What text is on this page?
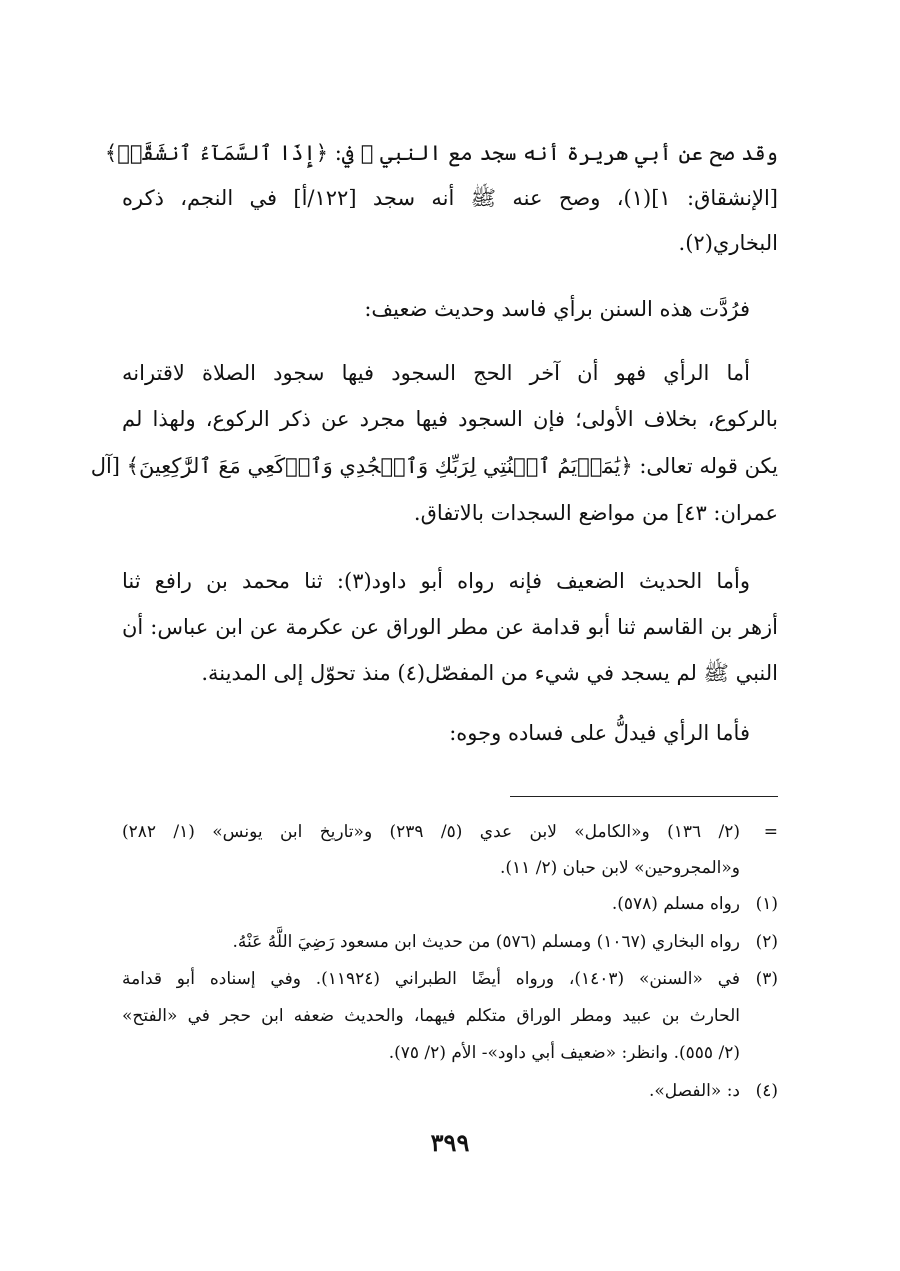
وقد صح عن أبي هريرة أنه سجد مع النبي ﷺ في: ﴿إِذَا ٱلسَّمَآءُ ٱنشَقَّتۡ﴾
[الإنشقاق: ١](١)، وصح عنه ﷺ أنه سجد [١٢٢/أ] في النجم، ذكره
البخاري(٢).
فرُدَّت هذه السنن برأي فاسد وحديث ضعيف:
أما الرأي فهو أن آخر الحج السجود فيها سجود الصلاة لاقترانه
بالركوع، بخلاف الأولى؛ فإن السجود فيها مجرد عن ذكر الركوع، ولهذا لم
يكن قوله تعالى: ﴿يَٰمَرۡيَمُ ٱقۡنُتِي لِرَبِّكِ وَٱسۡجُدِي وَٱرۡكَعِي مَعَ ٱلرَّٰكِعِينَ﴾ [آل
عمران: ٤٣] من مواضع السجدات بالاتفاق.
وأما الحديث الضعيف فإنه رواه أبو داود(٣): ثنا محمد بن رافع ثنا
أزهر بن القاسم ثنا أبو قدامة عن مطر الوراق عن عكرمة عن ابن عباس: أن
النبي ﷺ لم يسجد في شيء من المفصّل(٤) منذ تحوّل إلى المدينة.
فأما الرأي فيدلُّ على فساده وجوه:
=(٢/ ١٣٦) و«الكامل» لابن عدي (٥/ ٢٣٩) و«تاريخ ابن يونس» (١/ ٢٨٢)
و«المجروحين» لابن حبان (٢/ ١١).
(١)رواه مسلم (٥٧٨).
(٢)رواه البخاري (١٠٦٧) ومسلم (٥٧٦) من حديث ابن مسعود رَضِيَ اللَّهُ عَنْهُ.
(٣)في «السنن» (١٤٠٣)، ورواه أيضًا الطبراني (١١٩٢٤). وفي إسناده أبو قدامة
الحارث بن عبيد ومطر الوراق متكلم فيهما، والحديث ضعفه ابن حجر في «الفتح»
(٢/ ٥٥٥). وانظر: «ضعيف أبي داود»- الأم (٢/ ٧٥).
(٤)د: «الفصل».
٣٩٩
